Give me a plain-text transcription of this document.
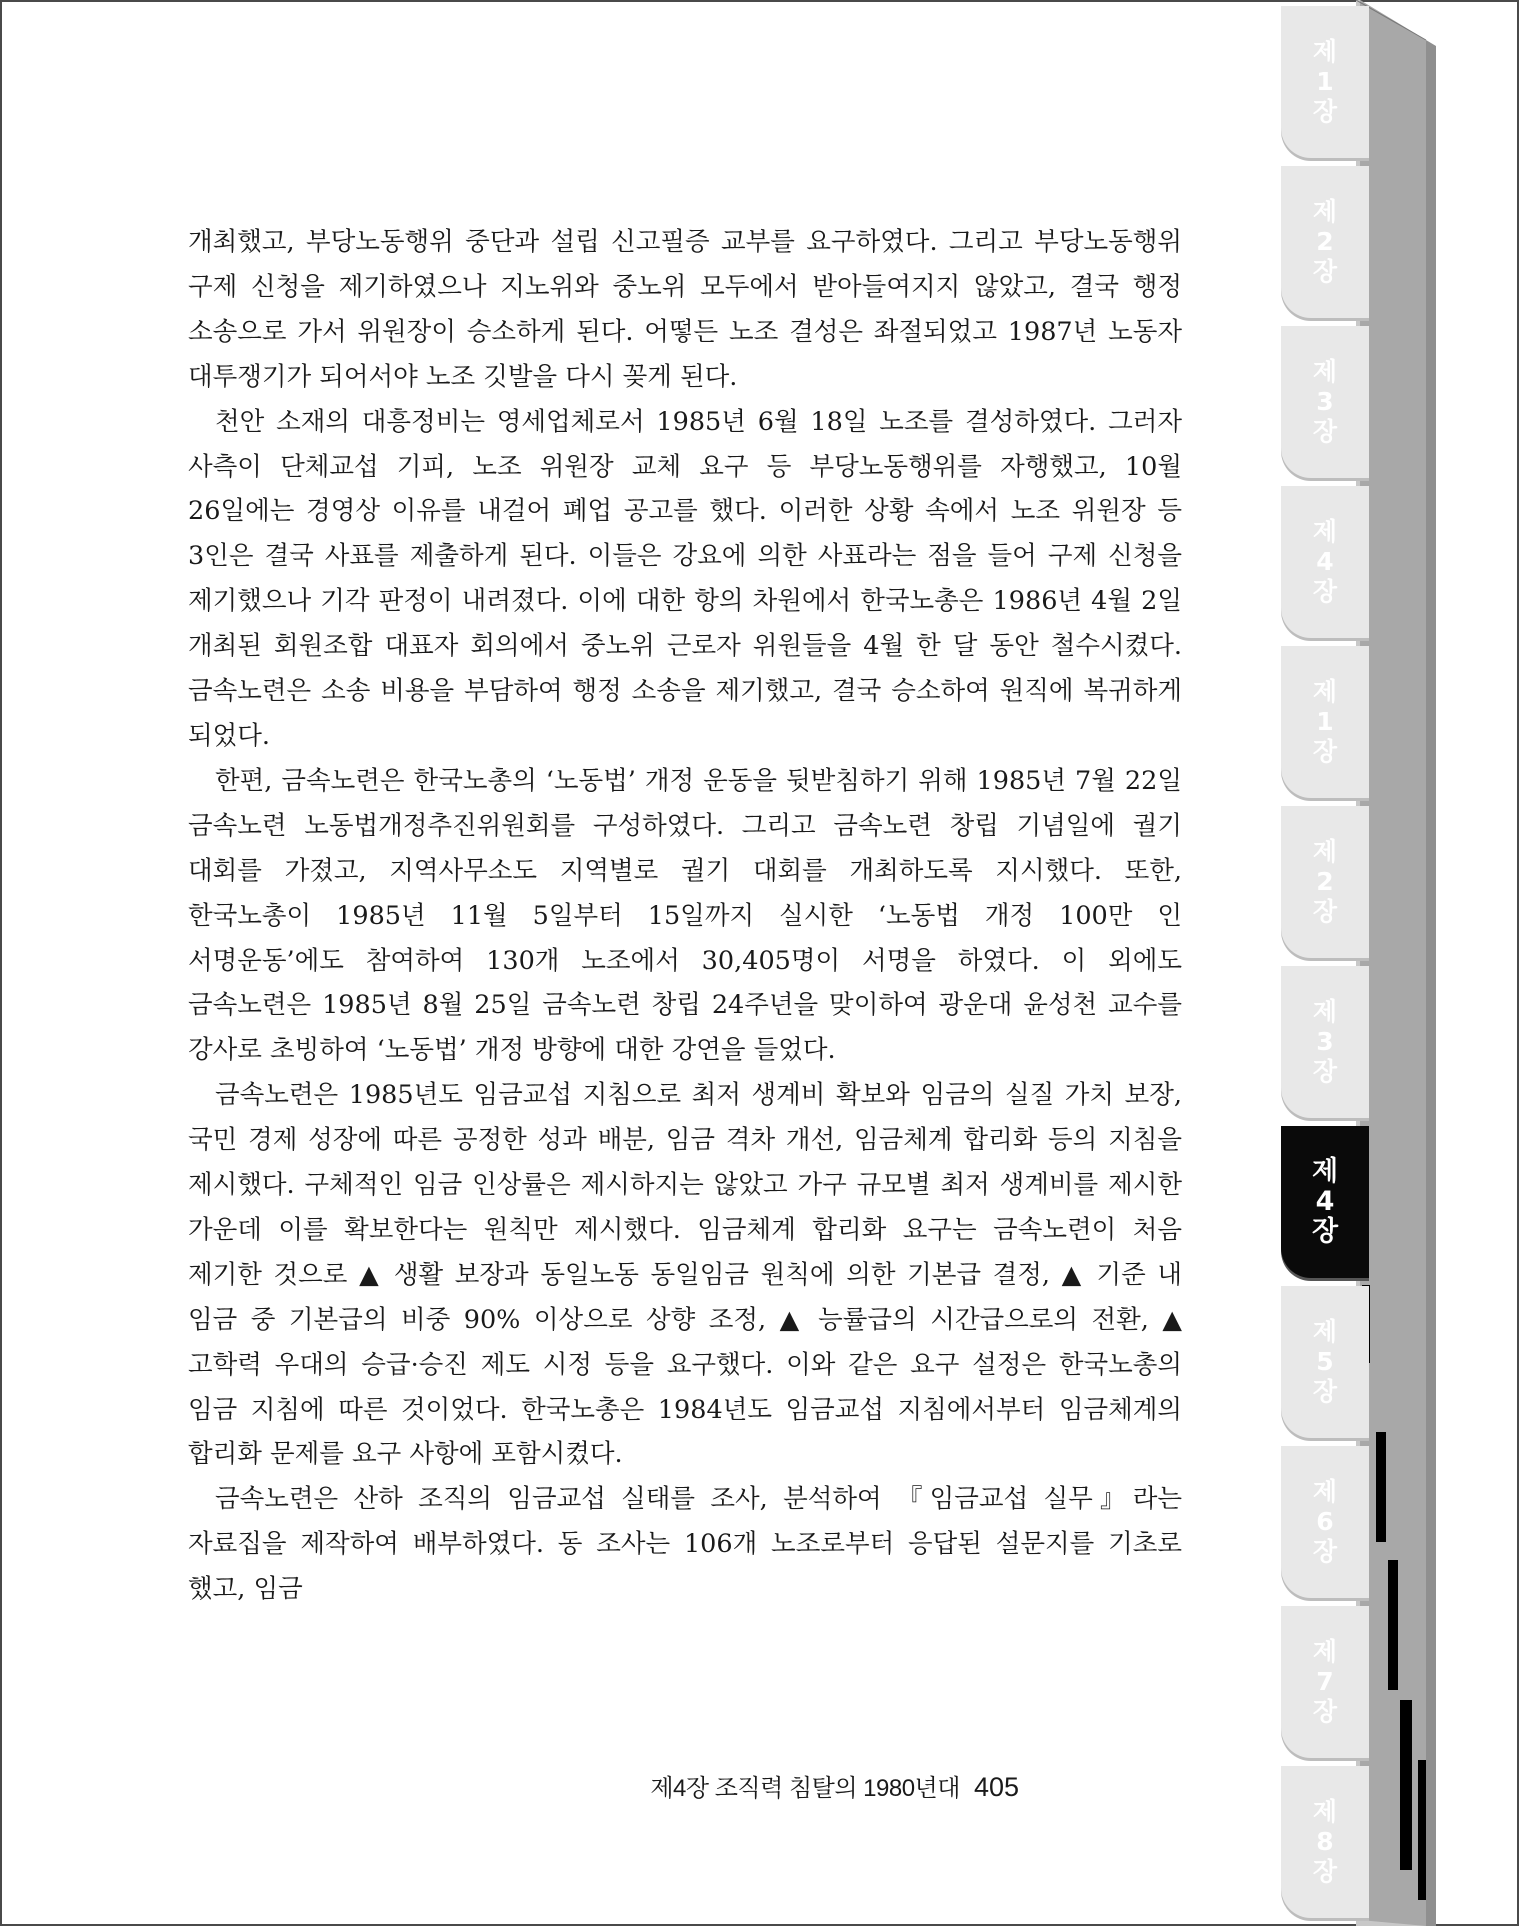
개최했고, 부당노동행위 중단과 설립 신고필증 교부를 요구하였다. 그리고 부당노동행위 구제 신청을 제기하였으나 지노위와 중노위 모두에서 받아들여지지 않았고, 결국 행정 소송으로 가서 위원장이 승소하게 된다. 어떻든 노조 결성은 좌절되었고 1987년 노동자 대투쟁기가 되어서야 노조 깃발을 다시 꽂게 된다.

천안 소재의 대흥정비는 영세업체로서 1985년 6월 18일 노조를 결성하였다. 그러자 사측이 단체교섭 기피, 노조 위원장 교체 요구 등 부당노동행위를 자행했고, 10월 26일에는 경영상 이유를 내걸어 폐업 공고를 했다. 이러한 상황 속에서 노조 위원장 등 3인은 결국 사표를 제출하게 된다. 이들은 강요에 의한 사표라는 점을 들어 구제 신청을 제기했으나 기각 판정이 내려졌다. 이에 대한 항의 차원에서 한국노총은 1986년 4월 2일 개최된 회원조합 대표자 회의에서 중노위 근로자 위원들을 4월 한 달 동안 철수시켰다. 금속노련은 소송 비용을 부담하여 행정 소송을 제기했고, 결국 승소하여 원직에 복귀하게 되었다.

한편, 금속노련은 한국노총의 ‘노동법’ 개정 운동을 뒷받침하기 위해 1985년 7월 22일 금속노련 노동법개정추진위원회를 구성하였다. 그리고 금속노련 창립 기념일에 궐기 대회를 가졌고, 지역사무소도 지역별로 궐기 대회를 개최하도록 지시했다. 또한, 한국노총이 1985년 11월 5일부터 15일까지 실시한 ‘노동법 개정 100만 인 서명운동’에도 참여하여 130개 노조에서 30,405명이 서명을 하였다. 이 외에도 금속노련은 1985년 8월 25일 금속노련 창립 24주년을 맞이하여 광운대 윤성천 교수를 강사로 초빙하여 ‘노동법’ 개정 방향에 대한 강연을 들었다.

금속노련은 1985년도 임금교섭 지침으로 최저 생계비 확보와 임금의 실질 가치 보장, 국민 경제 성장에 따른 공정한 성과 배분, 임금 격차 개선, 임금체계 합리화 등의 지침을 제시했다. 구체적인 임금 인상률은 제시하지는 않았고 가구 규모별 최저 생계비를 제시한 가운데 이를 확보한다는 원칙만 제시했다. 임금체계 합리화 요구는 금속노련이 처음 제기한 것으로 ▲ 생활 보장과 동일노동 동일임금 원칙에 의한 기본급 결정, ▲ 기준 내 임금 중 기본급의 비중 90% 이상으로 상향 조정, ▲ 능률급의 시간급으로의 전환, ▲ 고학력 우대의 승급·승진 제도 시정 등을 요구했다. 이와 같은 요구 설정은 한국노총의 임금 지침에 따른 것이었다. 한국노총은 1984년도 임금교섭 지침에서부터 임금체계의 합리화 문제를 요구 사항에 포함시켰다.

금속노련은 산하 조직의 임금교섭 실태를 조사, 분석하여 『임금교섭 실무』라는 자료집을 제작하여 배부하였다. 동 조사는 106개 노조로부터 응답된 설문지를 기초로 했고, 임금

제4장 조직력 침탈의 1980년대 405
제
1
장
제
2
장
제
3
장
제
4
장
제
1
장
제
2
장
제
3
장
제
4
장
제
5
장
제
6
장
제
7
장
제
8
장
